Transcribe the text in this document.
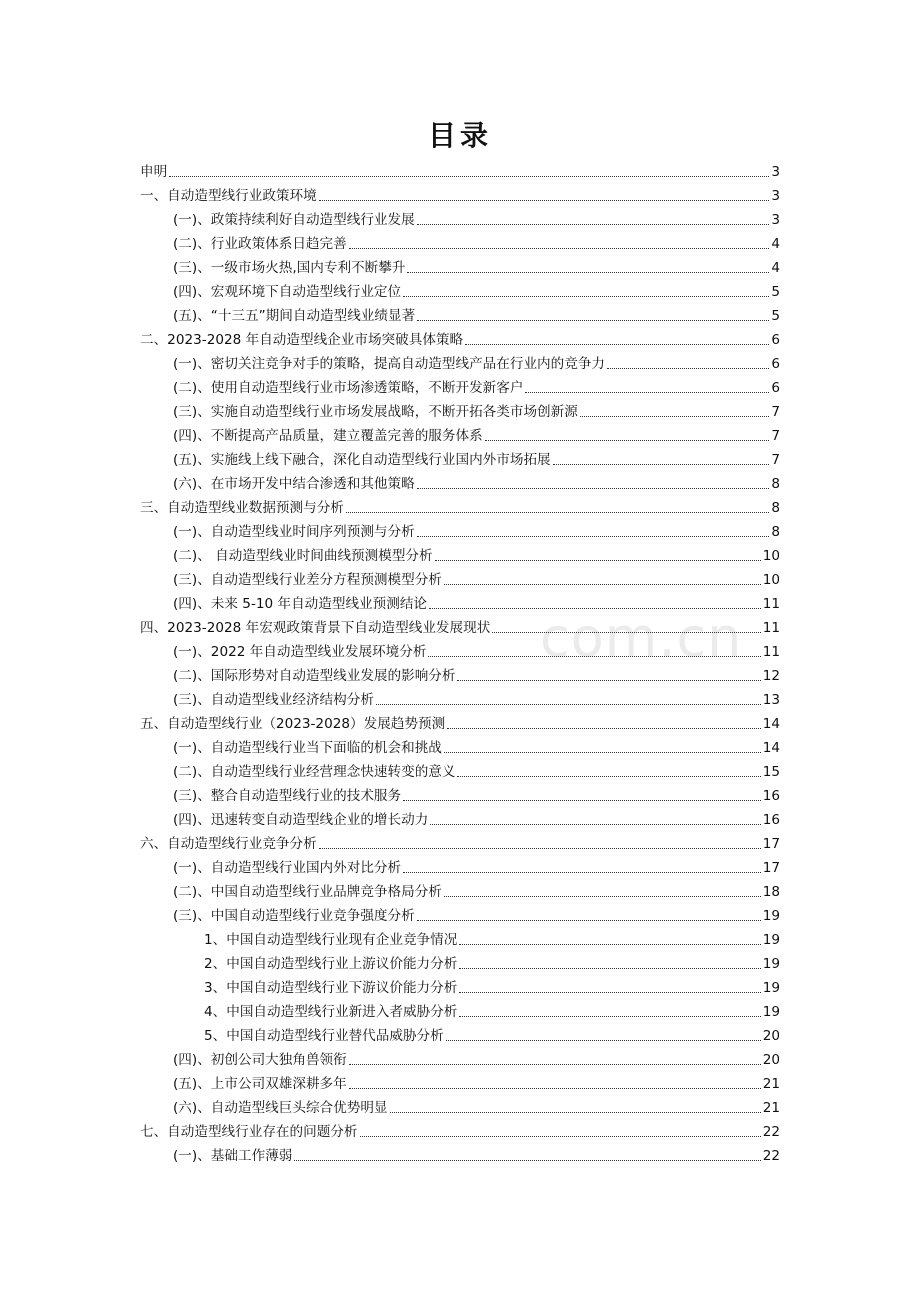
com.cn
目录
申明	3
一、自动造型线行业政策环境	3
(一)、政策持续利好自动造型线行业发展	3
(二)、行业政策体系日趋完善	4
(三)、一级市场火热,国内专利不断攀升	4
(四)、宏观环境下自动造型线行业定位	5
(五)、“十三五”期间自动造型线业绩显著	5
二、2023-2028 年自动造型线企业市场突破具体策略	6
(一)、密切关注竞争对手的策略，提高自动造型线产品在行业内的竞争力	6
(二)、使用自动造型线行业市场渗透策略，不断开发新客户	6
(三)、实施自动造型线行业市场发展战略，不断开拓各类市场创新源	7
(四)、不断提高产品质量，建立覆盖完善的服务体系	7
(五)、实施线上线下融合，深化自动造型线行业国内外市场拓展	7
(六)、在市场开发中结合渗透和其他策略	8
三、自动造型线业数据预测与分析	8
(一)、自动造型线业时间序列预测与分析	8
(二)、 自动造型线业时间曲线预测模型分析	10
(三)、自动造型线行业差分方程预测模型分析	10
(四)、未来 5-10 年自动造型线业预测结论	11
四、2023-2028 年宏观政策背景下自动造型线业发展现状	11
(一)、2022 年自动造型线业发展环境分析	11
(二)、国际形势对自动造型线业发展的影响分析	12
(三)、自动造型线业经济结构分析	13
五、自动造型线行业（2023-2028）发展趋势预测	14
(一)、自动造型线行业当下面临的机会和挑战	14
(二)、自动造型线行业经营理念快速转变的意义	15
(三)、整合自动造型线行业的技术服务	16
(四)、迅速转变自动造型线企业的增长动力	16
六、自动造型线行业竞争分析	17
(一)、自动造型线行业国内外对比分析	17
(二)、中国自动造型线行业品牌竞争格局分析	18
(三)、中国自动造型线行业竞争强度分析	19
1、中国自动造型线行业现有企业竞争情况	19
2、中国自动造型线行业上游议价能力分析	19
3、中国自动造型线行业下游议价能力分析	19
4、中国自动造型线行业新进入者威胁分析	19
5、中国自动造型线行业替代品威胁分析	20
(四)、初创公司大独角兽领衔	20
(五)、上市公司双雄深耕多年	21
(六)、自动造型线巨头综合优势明显	21
七、自动造型线行业存在的问题分析	22
(一)、基础工作薄弱	22
